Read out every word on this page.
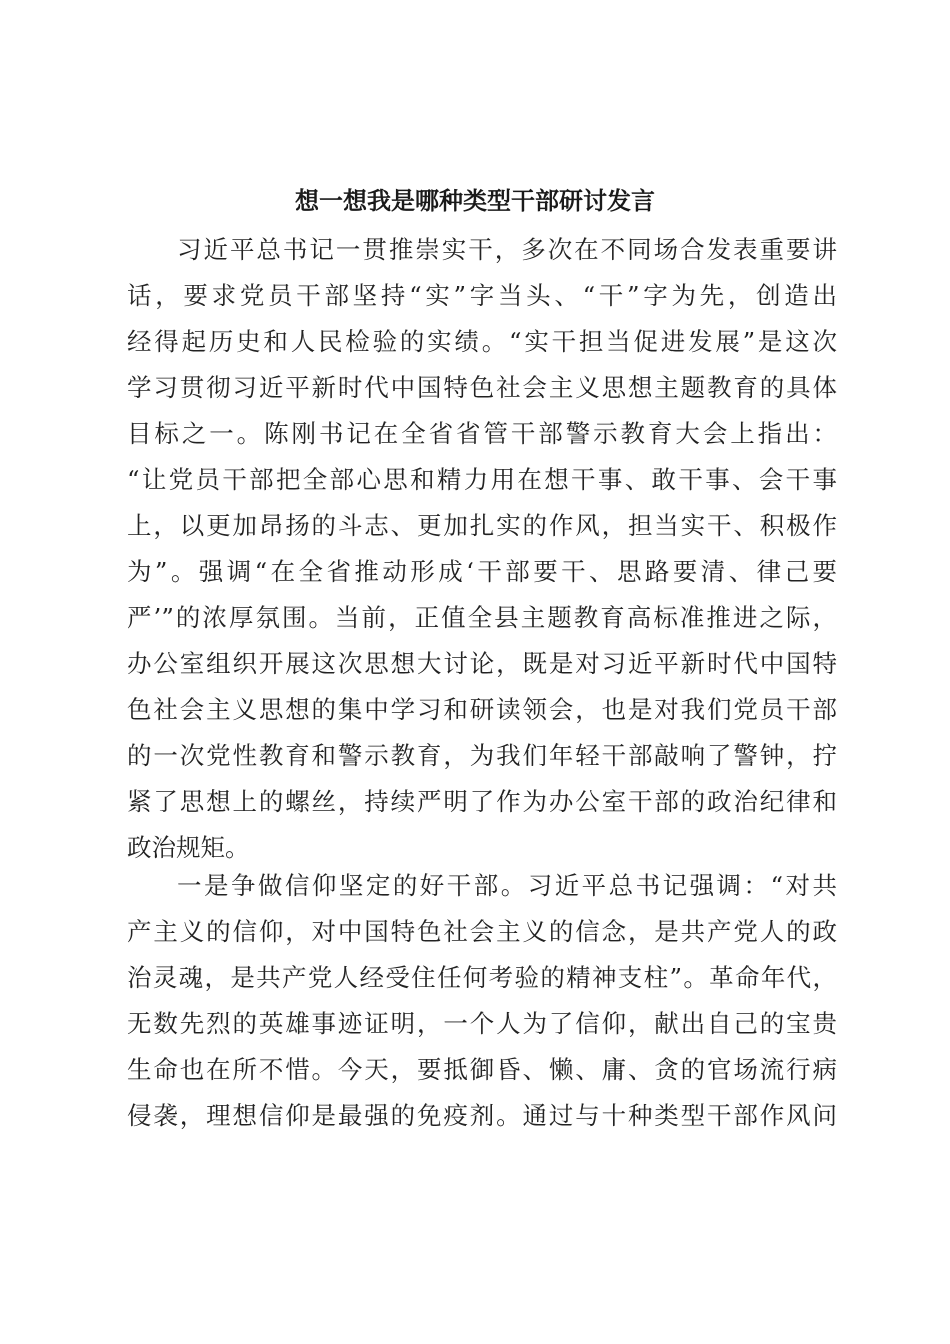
想一想我是哪种类型干部研讨发言
习近平总书记一贯推崇实干，多次在不同场合发表重要讲
话，要求党员干部坚持“实”字当头、“干”字为先，创造出
经得起历史和人民检验的实绩。“实干担当促进发展”是这次
学习贯彻习近平新时代中国特色社会主义思想主题教育的具体
目标之一。陈刚书记在全省省管干部警示教育大会上指出：
“让党员干部把全部心思和精力用在想干事、敢干事、会干事
上，以更加昂扬的斗志、更加扎实的作风，担当实干、积极作
为”。强调“在全省推动形成‘干部要干、思路要清、律己要
严’”的浓厚氛围。当前，正值全县主题教育高标准推进之际，
办公室组织开展这次思想大讨论，既是对习近平新时代中国特
色社会主义思想的集中学习和研读领会，也是对我们党员干部
的一次党性教育和警示教育，为我们年轻干部敲响了警钟，拧
紧了思想上的螺丝，持续严明了作为办公室干部的政治纪律和
政治规矩。
一是争做信仰坚定的好干部。习近平总书记强调：“对共
产主义的信仰，对中国特色社会主义的信念，是共产党人的政
治灵魂，是共产党人经受住任何考验的精神支柱”。革命年代，
无数先烈的英雄事迹证明，一个人为了信仰，献出自己的宝贵
生命也在所不惜。今天，要抵御昏、懒、庸、贪的官场流行病
侵袭，理想信仰是最强的免疫剂。通过与十种类型干部作风问
